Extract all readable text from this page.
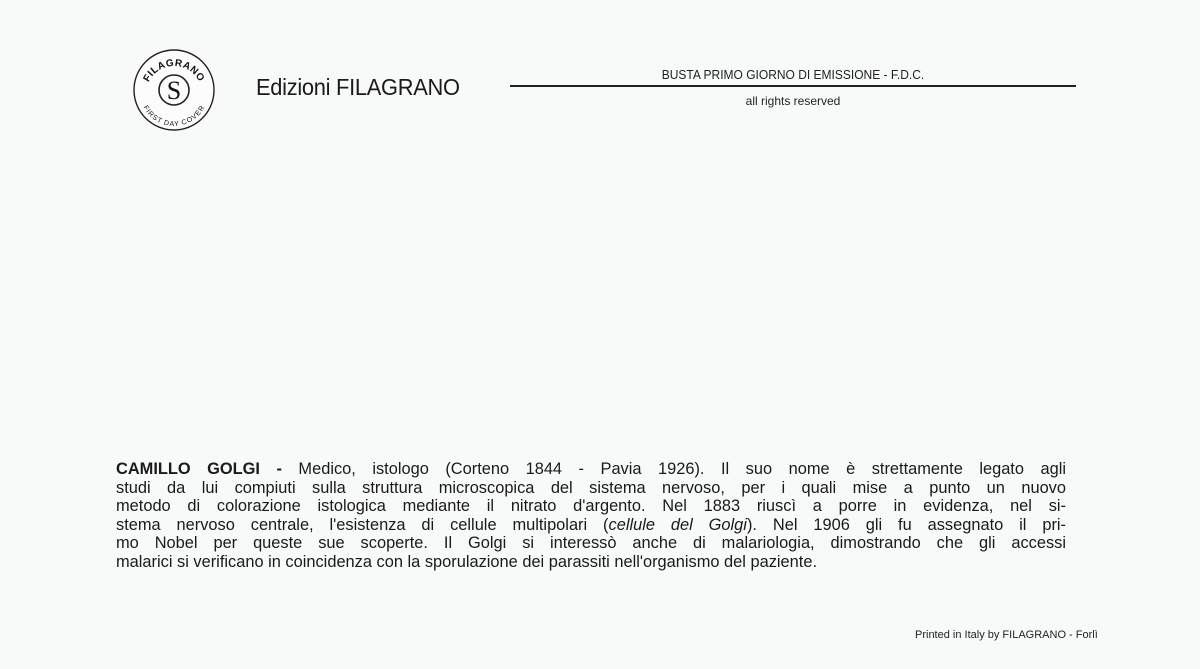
S
FILAGRANO
FIRST DAY COVER
Edizioni FILAGRANO	BUSTA PRIMO GIORNO DI EMISSIONE - F.D.C.
all rights reserved
CAMILLO GOLGI - Medico, istologo (Corteno 1844 - Pavia 1926). Il suo nome è strettamente legato agli
studi da lui compiuti sulla struttura microscopica del sistema nervoso, per i quali mise a punto un nuovo
metodo di colorazione istologica mediante il nitrato d'argento. Nel 1883 riuscì a porre in evidenza, nel si-
stema nervoso centrale, l'esistenza di cellule multipolari (cellule del Golgi). Nel 1906 gli fu assegnato il pri-
mo Nobel per queste sue scoperte. Il Golgi si interessò anche di malariologia, dimostrando che gli accessi
malarici si verificano in coincidenza con la sporulazione dei parassiti nell'organismo del paziente.
Printed in Italy by FILAGRANO - Forlì
